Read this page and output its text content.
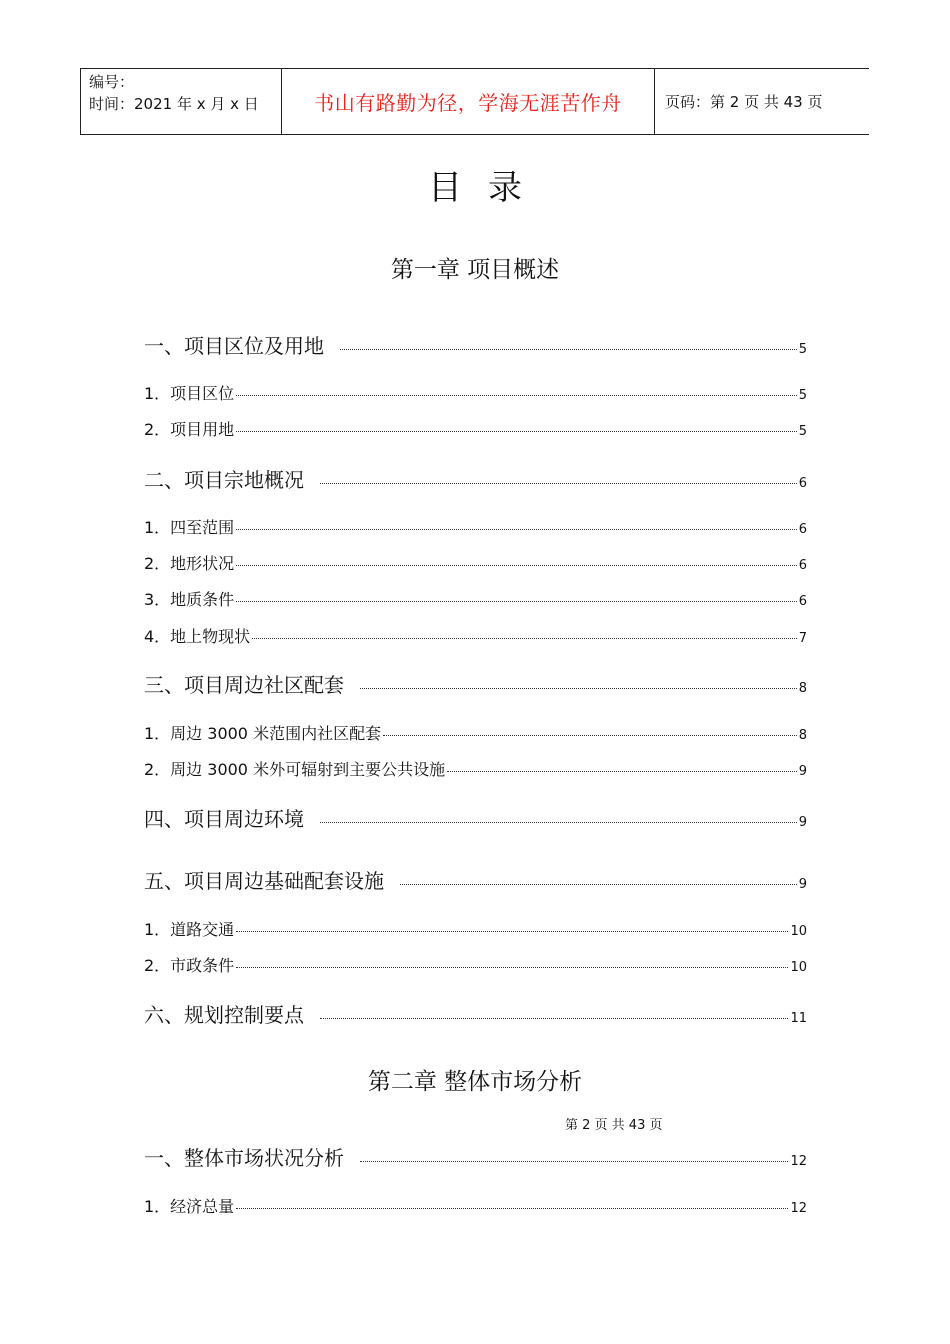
编号：
时间：2021 年 x 月 x 日	书山有路勤为径，学海无涯苦作舟	页码：第 2 页 共 43 页
目录
第一章 项目概述
一、项目区位及用地	5
1．项目区位	5
2．项目用地	5
二、项目宗地概况	6
1．四至范围	6
2．地形状况	6
3．地质条件	6
4．地上物现状	7
三、项目周边社区配套	8
1．周边 3000 米范围内社区配套	8
2．周边 3000 米外可辐射到主要公共设施	9
四、项目周边环境	9
五、项目周边基础配套设施	9
1．道路交通	10
2．市政条件	10
六、规划控制要点	11
第二章 整体市场分析
第 2 页 共 43 页
一、整体市场状况分析	12
1．经济总量	12
